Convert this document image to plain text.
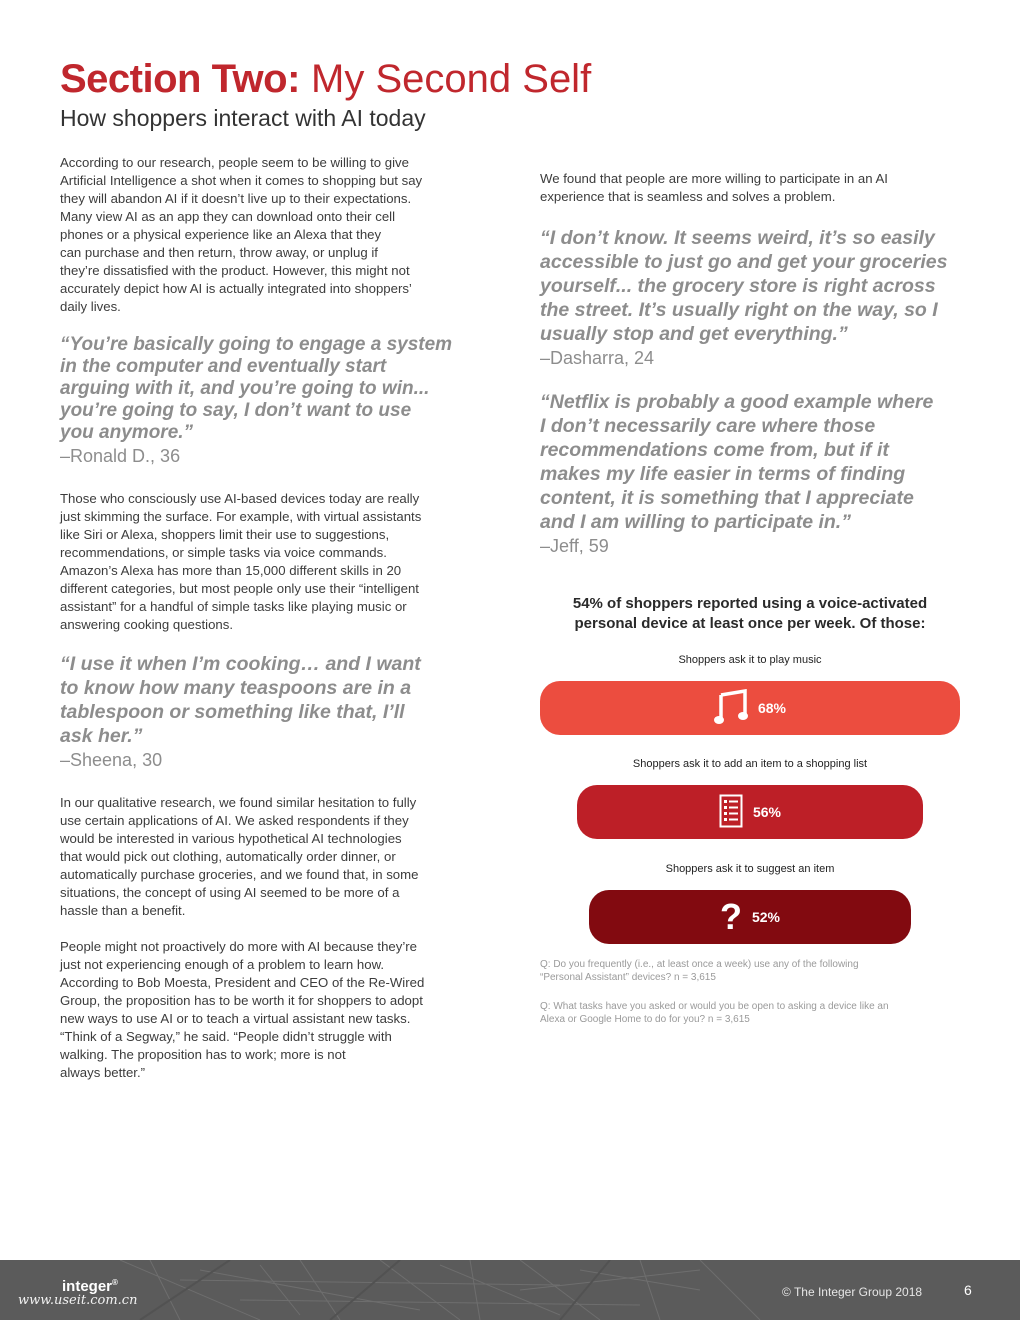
Section Two: My Second Self
How shoppers interact with AI today

According to our research, people seem to be willing to give
Artificial Intelligence a shot when it comes to shopping but say
they will abandon AI if it doesn’t live up to their expectations.
Many view AI as an app they can download onto their cell
phones or a physical experience like an Alexa that they
can purchase and then return, throw away, or unplug if
they’re dissatisfied with the product. However, this might not
accurately depict how AI is actually integrated into shoppers’
daily lives.

“You’re basically going to engage a system
in the computer and eventually start
arguing with it, and you’re going to win...
you’re going to say, I don’t want to use
you anymore.”

–Ronald D., 36

Those who consciously use AI-based devices today are really
just skimming the surface. For example, with virtual assistants
like Siri or Alexa, shoppers limit their use to suggestions,
recommendations, or simple tasks via voice commands.
Amazon’s Alexa has more than 15,000 different skills in 20
different categories, but most people only use their “intelligent
assistant” for a handful of simple tasks like playing music or
answering cooking questions.

“I use it when I’m cooking… and I want
to know how many teaspoons are in a
tablespoon or something like that, I’ll
ask her.”

–Sheena, 30

In our qualitative research, we found similar hesitation to fully
use certain applications of AI. We asked respondents if they
would be interested in various hypothetical AI technologies
that would pick out clothing, automatically order dinner, or
automatically purchase groceries, and we found that, in some
situations, the concept of using AI seemed to be more of a
hassle than a benefit.

People might not proactively do more with AI because they’re
just not experiencing enough of a problem to learn how.
According to Bob Moesta, President and CEO of the Re-Wired
Group, the proposition has to be worth it for shoppers to adopt
new ways to use AI or to teach a virtual assistant new tasks.
“Think of a Segway,” he said. “People didn’t struggle with
walking. The proposition has to work; more is not
always better.”

We found that people are more willing to participate in an AI
experience that is seamless and solves a problem.

“I don’t know. It seems weird, it’s so easily
accessible to just go and get your groceries
yourself... the grocery store is right across
the street. It’s usually right on the way, so I
usually stop and get everything.”

–Dasharra, 24

“Netflix is probably a good example where
I don’t necessarily care where those
recommendations come from, but if it
makes my life easier in terms of finding
content, it is something that I appreciate
and I am willing to participate in.”

–Jeff, 59

54% of shoppers reported using a voice-activated
personal device at least once per week. Of those:
Shoppers ask it to play music
68%
Shoppers ask it to add an item to a shopping list
56%
Shoppers ask it to suggest an item
? 52%
Q: Do you frequently (i.e., at least once a week) use any of the following
“Personal Assistant” devices? n = 3,615
Q: What tasks have you asked or would you be open to asking a device like an
Alexa or Google Home to do for you? n = 3,615
integer®
www.useit.com.cn
© The Integer Group 2018	6
